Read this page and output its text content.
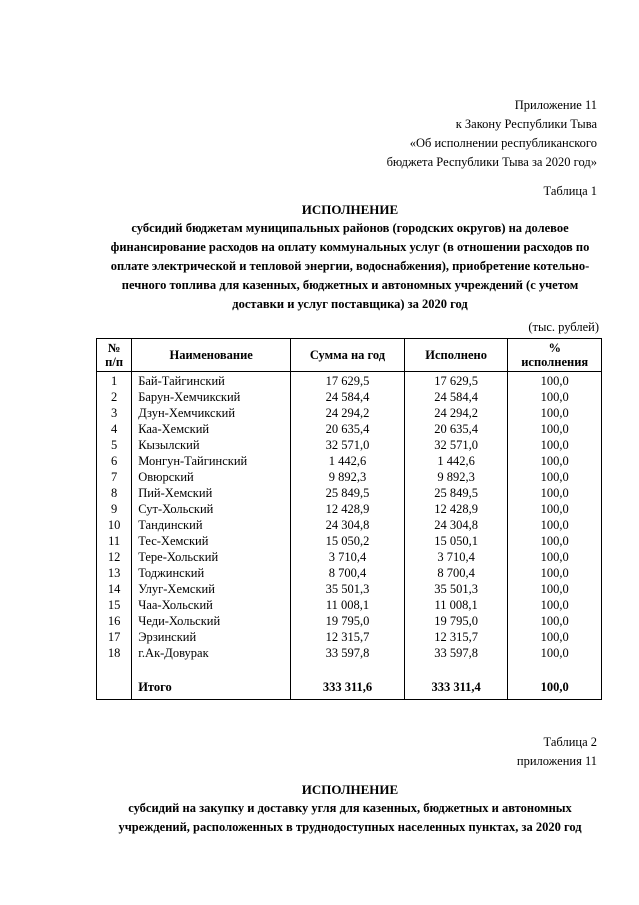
Приложение 11
к Закону Республики Тыва
«Об исполнении республиканского
бюджета Республики Тыва за 2020 год»
Таблица 1
ИСПОЛНЕНИЕ
субсидий бюджетам муниципальных районов (городских округов) на долевое
финансирование расходов на оплату коммунальных услуг (в отношении расходов по
оплате электрической и тепловой энергии, водоснабжения), приобретение котельно-
печного топлива для казенных, бюджетных и автономных учреждений (с учетом
доставки и услуг поставщика) за 2020 год
(тыс. рублей)
№ п/п	Наименование	Сумма на год	Исполнено	% исполнения
1	Бай-Тайгинский	17 629,5	17 629,5	100,0
2	Барун-Хемчикский	24 584,4	24 584,4	100,0
3	Дзун-Хемчикский	24 294,2	24 294,2	100,0
4	Каа-Хемский	20 635,4	20 635,4	100,0
5	Кызылский	32 571,0	32 571,0	100,0
6	Монгун-Тайгинский	1 442,6	1 442,6	100,0
7	Овюрский	9 892,3	9 892,3	100,0
8	Пий-Хемский	25 849,5	25 849,5	100,0
9	Сут-Хольский	12 428,9	12 428,9	100,0
10	Тандинский	24 304,8	24 304,8	100,0
11	Тес-Хемский	15 050,2	15 050,1	100,0
12	Тере-Хольский	3 710,4	3 710,4	100,0
13	Тоджинский	8 700,4	8 700,4	100,0
14	Улуг-Хемский	35 501,3	35 501,3	100,0
15	Чаа-Хольский	11 008,1	11 008,1	100,0
16	Чеди-Хольский	19 795,0	19 795,0	100,0
17	Эрзинский	12 315,7	12 315,7	100,0
18	г.Ак-Довурак	33 597,8	33 597,8	100,0

	Итого	333 311,6	333 311,4	100,0
Таблица 2
приложения 11
ИСПОЛНЕНИЕ
субсидий на закупку и доставку угля для казенных, бюджетных и автономных
учреждений, расположенных в труднодоступных населенных пунктах, за 2020 год
